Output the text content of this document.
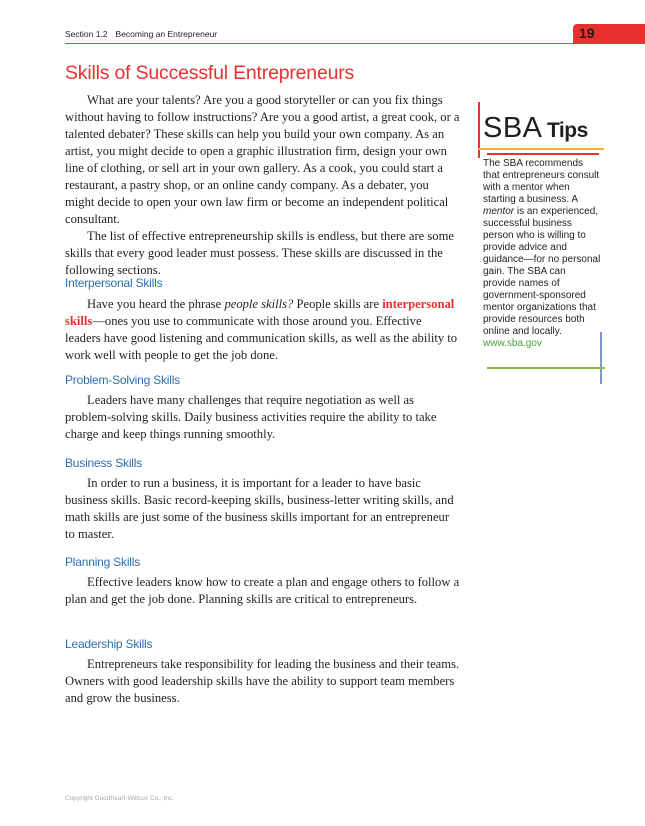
Section 1.2 Becoming an Entrepreneur	19
Skills of Successful Entrepreneurs

What are your talents? Are you a good storyteller or can you fix things without having to follow instructions? Are you a good artist, a great cook, or a talented debater? These skills can help you build your own company. As an artist, you might decide to open a graphic illustration firm, design your own line of clothing, or sell art in your own gallery. As a cook, you could start a restaurant, a pastry shop, or an online candy company. As a debater, you might decide to open your own law firm or become an independent political consultant.

The list of effective entrepreneurship skills is endless, but there are some skills that every good leader must possess. These skills are discussed in the following sections.

Interpersonal Skills

Have you heard the phrase people skills? People skills are interpersonal skills—ones you use to communicate with those around you. Effective leaders have good listening and communication skills, as well as the ability to work well with people to get the job done.

Problem-Solving Skills

Leaders have many challenges that require negotiation as well as problem-solving skills. Daily business activities require the ability to take charge and keep things running smoothly.

Business Skills

In order to run a business, it is important for a leader to have basic business skills. Basic record-keeping skills, business-letter writing skills, and math skills are just some of the business skills important for an entrepreneur to master.

Planning Skills

Effective leaders know how to create a plan and engage others to follow a plan and get the job done. Planning skills are critical to entrepreneurs.

Leadership Skills

Entrepreneurs take responsibility for leading the business and their teams. Owners with good leadership skills have the ability to support team members and grow the business.

SBA Tips
The SBA recommends that entrepreneurs consult with a mentor when starting a business. A mentor is an experienced, successful business person who is willing to provide advice and guidance—for no personal gain. The SBA can provide names of government-sponsored mentor organizations that provide resources both online and locally.
www.sba.gov
Copyright Goodheart-Willcox Co., Inc.
